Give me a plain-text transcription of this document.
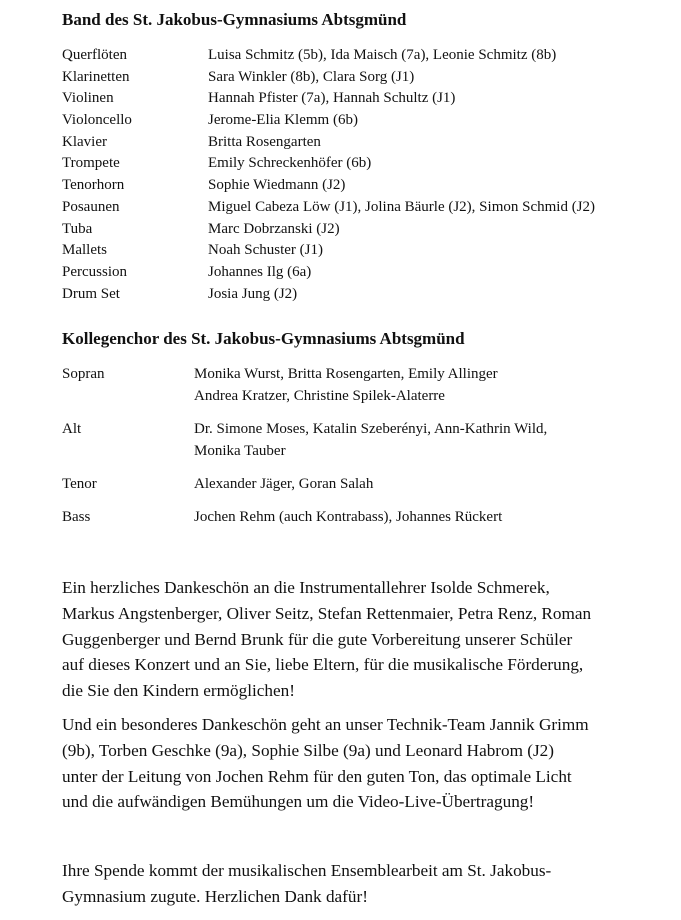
Band des St. Jakobus-Gymnasiums Abtsgmünd
Querflöten	Luisa Schmitz (5b), Ida Maisch (7a), Leonie Schmitz (8b)
Klarinetten	Sara Winkler (8b), Clara Sorg (J1)
Violinen	Hannah Pfister (7a), Hannah Schultz (J1)
Violoncello	Jerome-Elia Klemm (6b)
Klavier	Britta Rosengarten
Trompete	Emily Schreckenhöfer (6b)
Tenorhorn	Sophie Wiedmann (J2)
Posaunen	Miguel Cabeza Löw (J1), Jolina Bäurle (J2), Simon Schmid (J2)
Tuba	Marc Dobrzanski (J2)
Mallets	Noah Schuster (J1)
Percussion	Johannes Ilg (6a)
Drum Set	Josia Jung (J2)
Kollegenchor des St. Jakobus-Gymnasiums Abtsgmünd
Sopran	Monika Wurst, Britta Rosengarten, Emily Allinger
Andrea Kratzer, Christine Spilek-Alaterre
Alt	Dr. Simone Moses, Katalin Szeberényi, Ann-Kathrin Wild,
Monika Tauber
Tenor	Alexander Jäger, Goran Salah
Bass	Jochen Rehm (auch Kontrabass), Johannes Rückert
Ein herzliches Dankeschön an die Instrumentallehrer Isolde Schmerek,
Markus Angstenberger, Oliver Seitz, Stefan Rettenmaier, Petra Renz, Roman
Guggenberger und Bernd Brunk für die gute Vorbereitung unserer Schüler
auf dieses Konzert und an Sie, liebe Eltern, für die musikalische Förderung,
die Sie den Kindern ermöglichen!
Und ein besonderes Dankeschön geht an unser Technik-Team Jannik Grimm
(9b), Torben Geschke (9a), Sophie Silbe (9a) und Leonard Habrom (J2)
unter der Leitung von Jochen Rehm für den guten Ton, das optimale Licht
und die aufwändigen Bemühungen um die Video-Live-Übertragung!
Ihre Spende kommt der musikalischen Ensemblearbeit am St. Jakobus-
Gymnasium zugute. Herzlichen Dank dafür!
